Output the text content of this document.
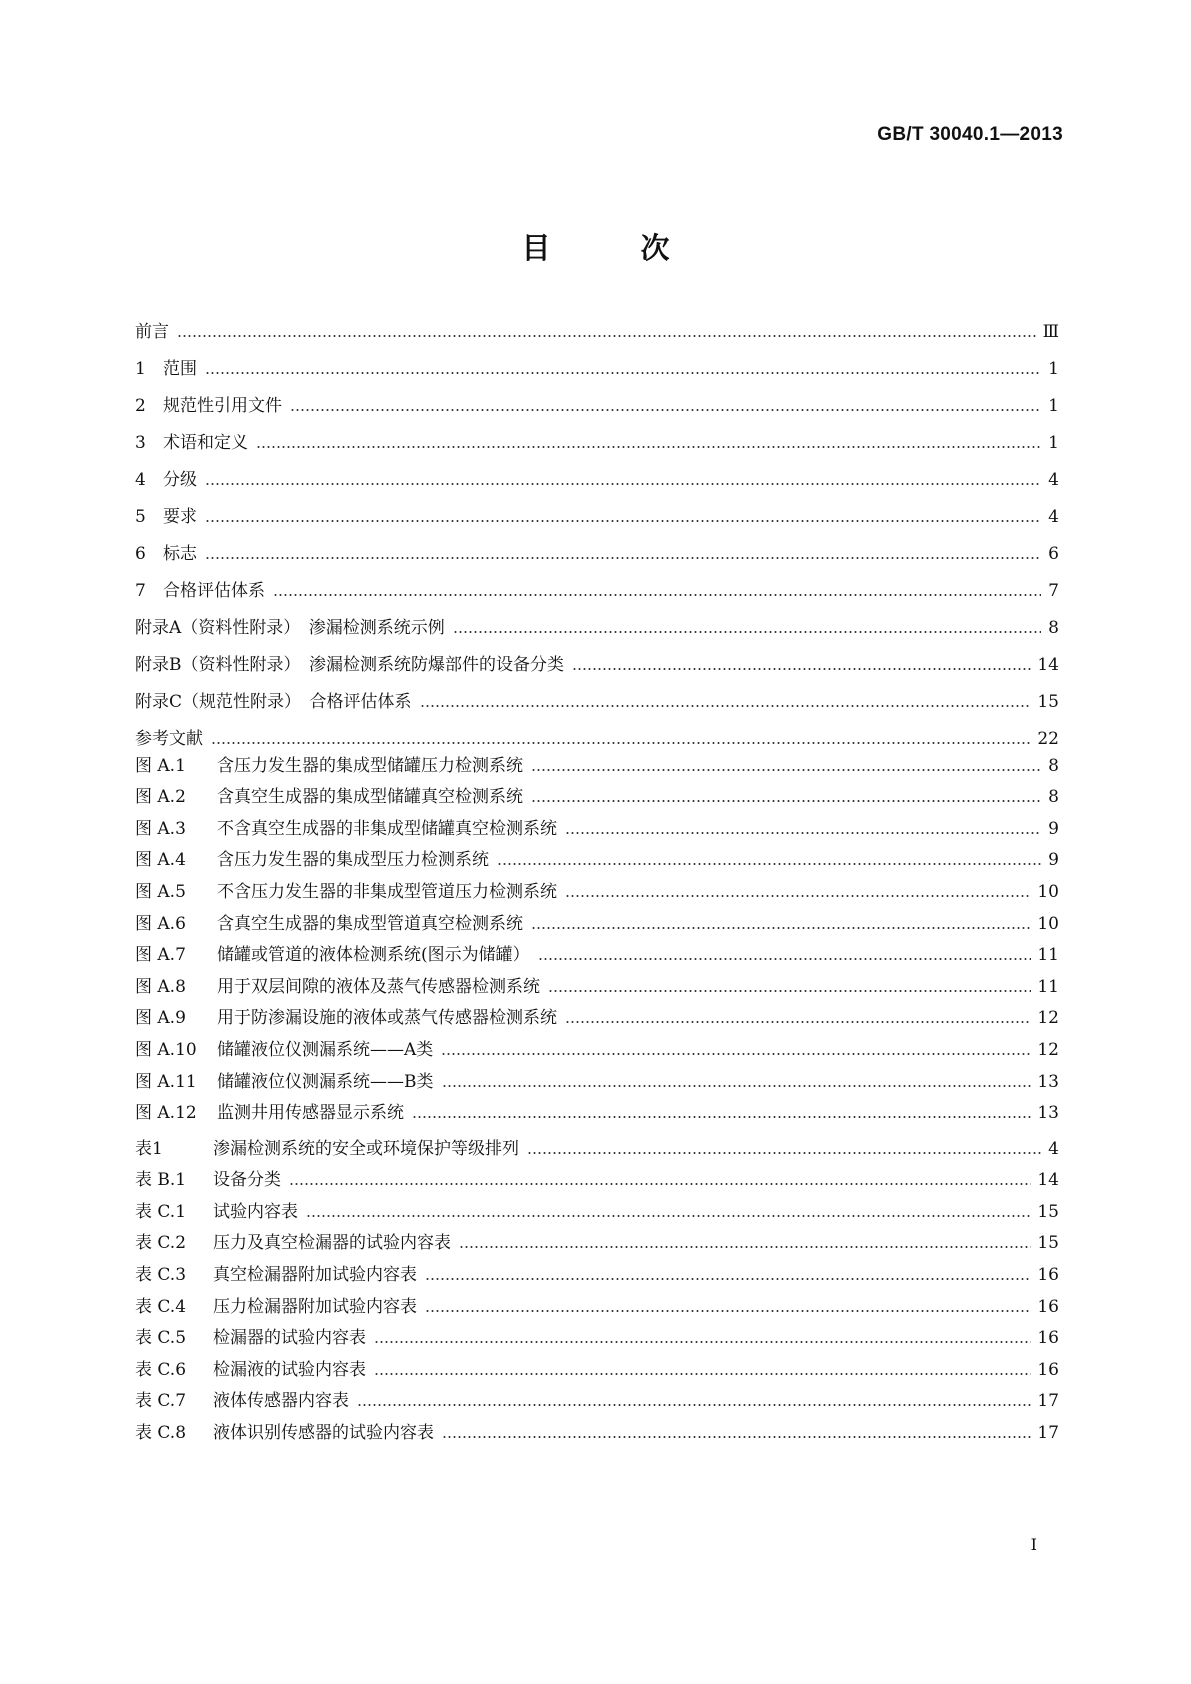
GB/T 30040.1—2013
目 次
前言	Ⅲ
1 范围	1
2 规范性引用文件	1
3 术语和定义	1
4 分级	4
5 要求	4
6 标志	6
7 合格评估体系	7
附录A（资料性附录）　渗漏检测系统示例	8
附录B（资料性附录）　渗漏检测系统防爆部件的设备分类	14
附录C（规范性附录）　合格评估体系	15
参考文献	22
图 A.1 含压力发生器的集成型储罐压力检测系统	8
图 A.2 含真空生成器的集成型储罐真空检测系统	8
图 A.3 不含真空生成器的非集成型储罐真空检测系统	9
图 A.4 含压力发生器的集成型压力检测系统	9
图 A.5 不含压力发生器的非集成型管道压力检测系统	10
图 A.6 含真空生成器的集成型管道真空检测系统	10
图 A.7 储罐或管道的液体检测系统(图示为储罐）	11
图 A.8 用于双层间隙的液体及蒸气传感器检测系统	11
图 A.9 用于防渗漏设施的液体或蒸气传感器检测系统	12
图 A.10 储罐液位仪测漏系统——A类	12
图 A.11 储罐液位仪测漏系统——B类	13
图 A.12 监测井用传感器显示系统	13
表1	渗漏检测系统的安全或环境保护等级排列	4
表 B.1 设备分类	14
表 C.1 试验内容表	15
表 C.2 压力及真空检漏器的试验内容表	15
表 C.3 真空检漏器附加试验内容表	16
表 C.4 压力检漏器附加试验内容表	16
表 C.5 检漏器的试验内容表	16
表 C.6 检漏液的试验内容表	16
表 C.7 液体传感器内容表	17
表 C.8 液体识别传感器的试验内容表	17
I
